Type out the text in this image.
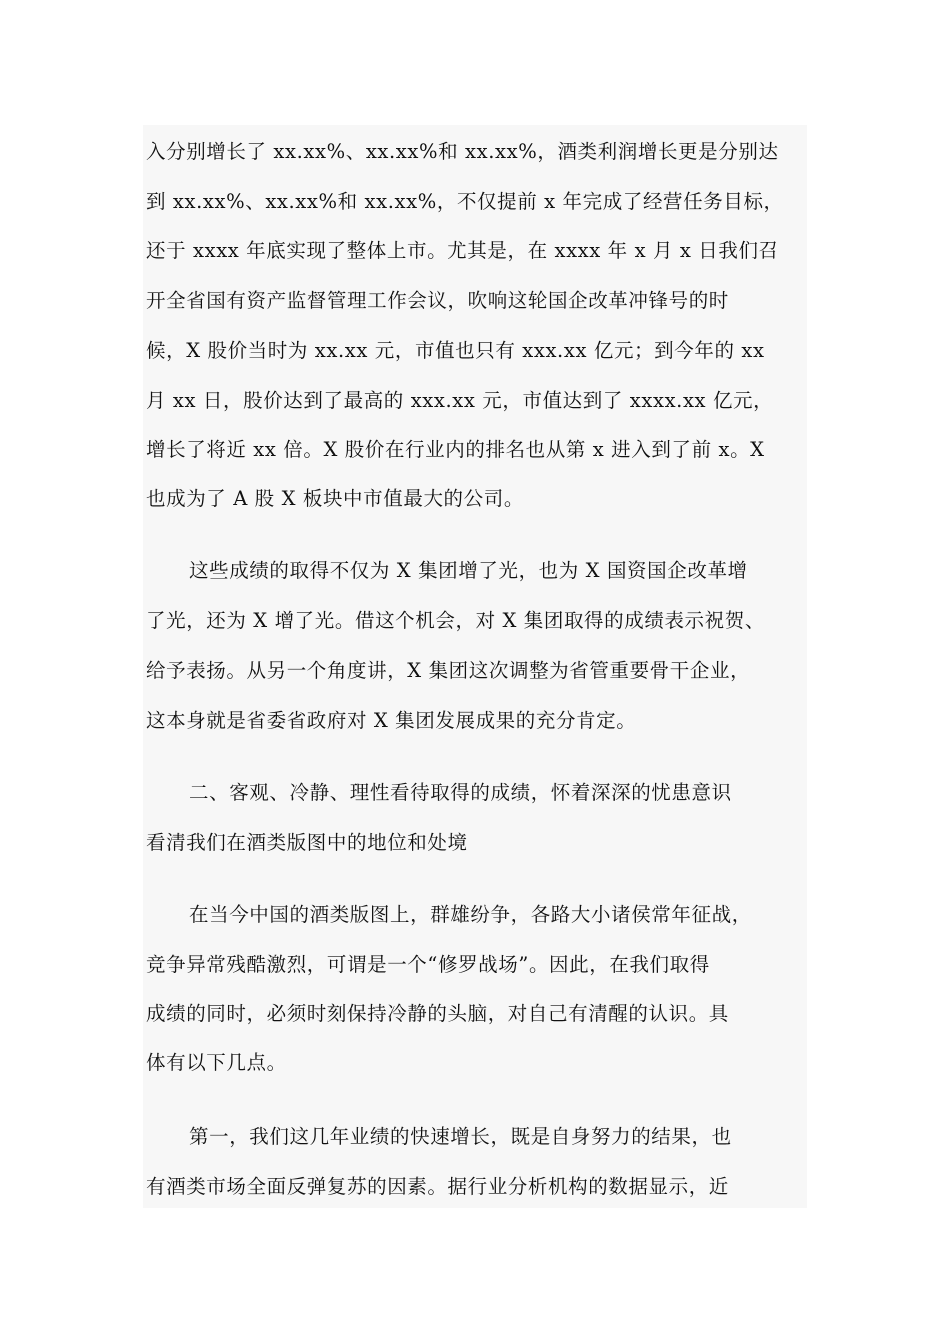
入分别增长了 xx.xx%、xx.xx%和 xx.xx%，酒类利润增长更是分别达
到 xx.xx%、xx.xx%和 xx.xx%，不仅提前 x 年完成了经营任务目标，
还于 xxxx 年底实现了整体上市。尤其是，在 xxxx 年 x 月 x 日我们召
开全省国有资产监督管理工作会议，吹响这轮国企改革冲锋号的时
候，X 股价当时为 xx.xx 元，市值也只有 xxx.xx 亿元；到今年的 xx
月 xx 日，股价达到了最高的 xxx.xx 元，市值达到了 xxxx.xx 亿元，
增长了将近 xx 倍。X 股价在行业内的排名也从第 x 进入到了前 x。X
也成为了 A 股 X 板块中市值最大的公司。
这些成绩的取得不仅为 X 集团增了光，也为 X 国资国企改革增
了光，还为 X 增了光。借这个机会，对 X 集团取得的成绩表示祝贺、
给予表扬。从另一个角度讲，X 集团这次调整为省管重要骨干企业，
这本身就是省委省政府对 X 集团发展成果的充分肯定。
二、客观、冷静、理性看待取得的成绩，怀着深深的忧患意识
看清我们在酒类版图中的地位和处境
在当今中国的酒类版图上，群雄纷争，各路大小诸侯常年征战，
竞争异常残酷激烈，可谓是一个“修罗战场”。因此，在我们取得
成绩的同时，必须时刻保持冷静的头脑，对自己有清醒的认识。具
体有以下几点。
第一，我们这几年业绩的快速增长，既是自身努力的结果，也
有酒类市场全面反弹复苏的因素。据行业分析机构的数据显示，近
